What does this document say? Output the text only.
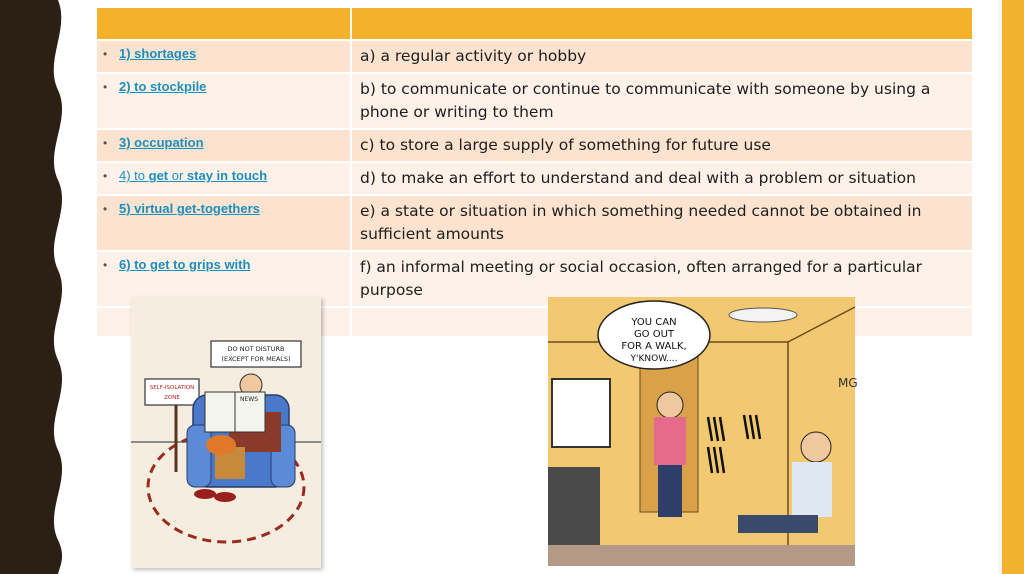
• 1) shortages	a) a regular activity or hobby

• 2) to stockpile	b) to communicate or continue to communicate with someone by using a phone or writing to them

• 3) occupation	c) to store a large supply of something for future use

• 4) to get or stay in touch	d) to make an effort to understand and deal with a problem or situation

• 5) virtual get-togethers	e) a state or situation in which something needed cannot be obtained in sufficient amounts

• 6) to get to grips with	f) an informal meeting or social occasion, often arranged for a particular purpose

SELF-ISOLATION
ZONE
DO NOT DISTURB
(EXCEPT FOR MEALS)
NEWS
YOU CAN
GO OUT
FOR A WALK,
Y'KNOW....
MG
